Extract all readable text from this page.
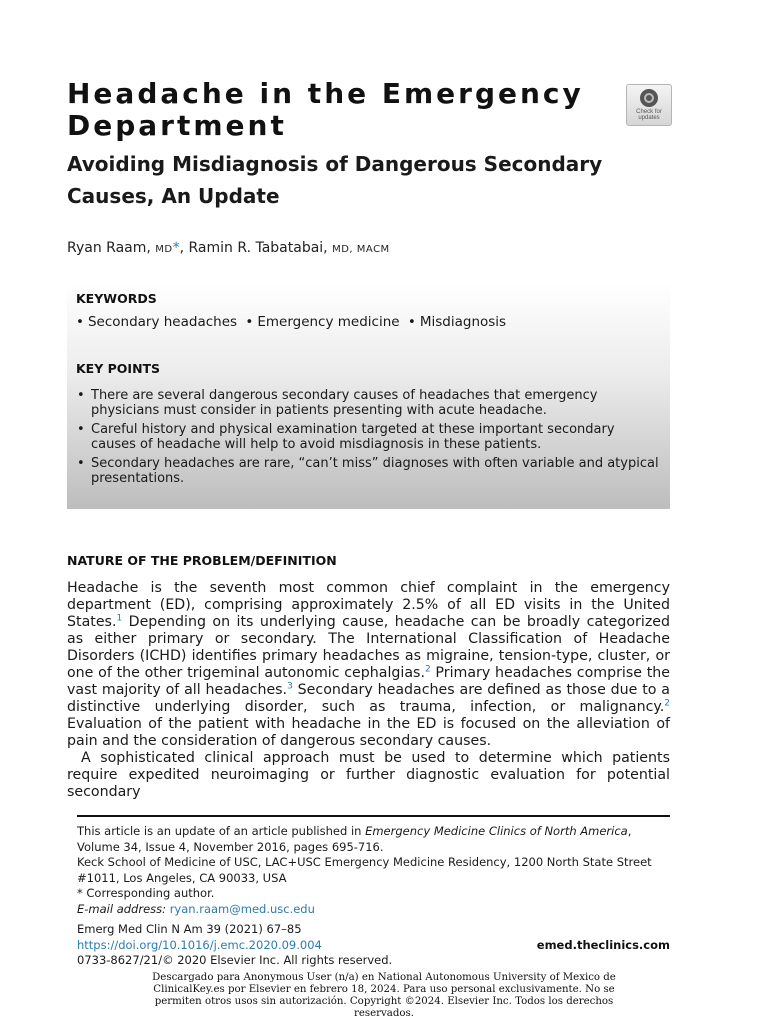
Headache in the Emergency
Department	Check for
updates
Avoiding Misdiagnosis of Dangerous Secondary
Causes, An Update
Ryan Raam, MD*, Ramin R. Tabatabai, MD, MACM
KEYWORDS
• Secondary headaches • Emergency medicine • Misdiagnosis
KEY POINTS
• There are several dangerous secondary causes of headaches that emergency physicians must consider in patients presenting with acute headache.
• Careful history and physical examination targeted at these important secondary causes of headache will help to avoid misdiagnosis in these patients.
• Secondary headaches are rare, “can’t miss” diagnoses with often variable and atypical presentations.
NATURE OF THE PROBLEM/DEFINITION

Headache is the seventh most common chief complaint in the emergency department (ED), comprising approximately 2.5% of all ED visits in the United States.$^1$ Depending on its underlying cause, headache can be broadly categorized as either primary or secondary. The International Classification of Headache Disorders (ICHD) identifies primary headaches as migraine, tension-type, cluster, or one of the other trigeminal autonomic cephalgias.$^2$ Primary headaches comprise the vast majority of all headaches.$^3$ Secondary headaches are defined as those due to a distinctive underlying disorder, such as trauma, infection, or malignancy.$^2$ Evaluation of the patient with headache in the ED is focused on the alleviation of pain and the consideration of dangerous secondary causes.

A sophisticated clinical approach must be used to determine which patients require expedited neuroimaging or further diagnostic evaluation for potential secondary

This article is an update of an article published in Emergency Medicine Clinics of North America, Volume 34, Issue 4, November 2016, pages 695-716.

Keck School of Medicine of USC, LAC+USC Emergency Medicine Residency, 1200 North State Street #1011, Los Angeles, CA 90033, USA

* Corresponding author.

E-mail address: ryan.raam@med.usc.edu

Emerg Med Clin N Am 39 (2021) 67–85

https://doi.org/10.1016/j.emc.2020.09.004

0733-8627/21/© 2020 Elsevier Inc. All rights reserved.

emed.theclinics.com
Descargado para Anonymous User (n/a) en National Autonomous University of Mexico de ClinicalKey.es por Elsevier en febrero 18, 2024. Para uso personal exclusivamente. No se permiten otros usos sin autorización. Copyright ©2024. Elsevier Inc. Todos los derechos reservados.
